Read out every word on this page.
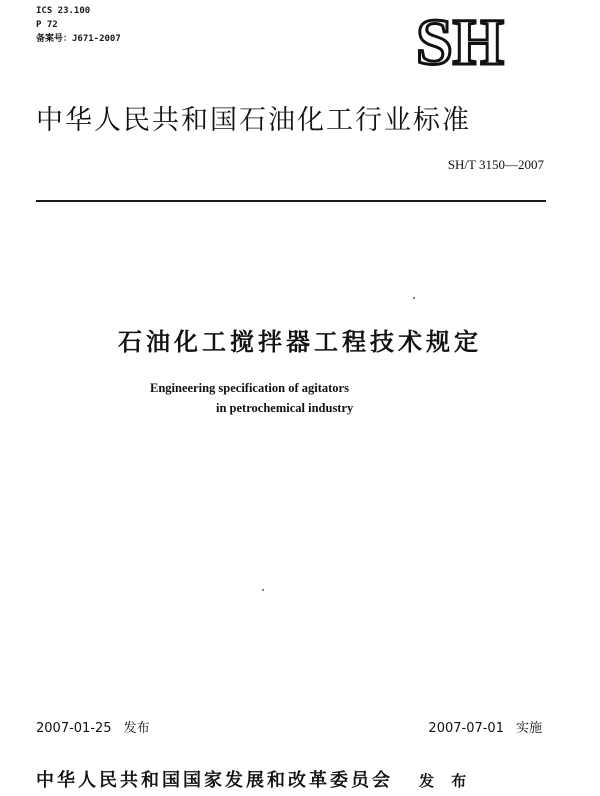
ICS 23.100
P 72
备案号：J671-2007	SH
中华人民共和国石油化工行业标准
SH/T 3150—2007
石油化工搅拌器工程技术规定
Engineering specification of agitators
in petrochemical industry
2007-01-25 发布	2007-07-01 实施
中华人民共和国国家发展和改革委员会 发 布
